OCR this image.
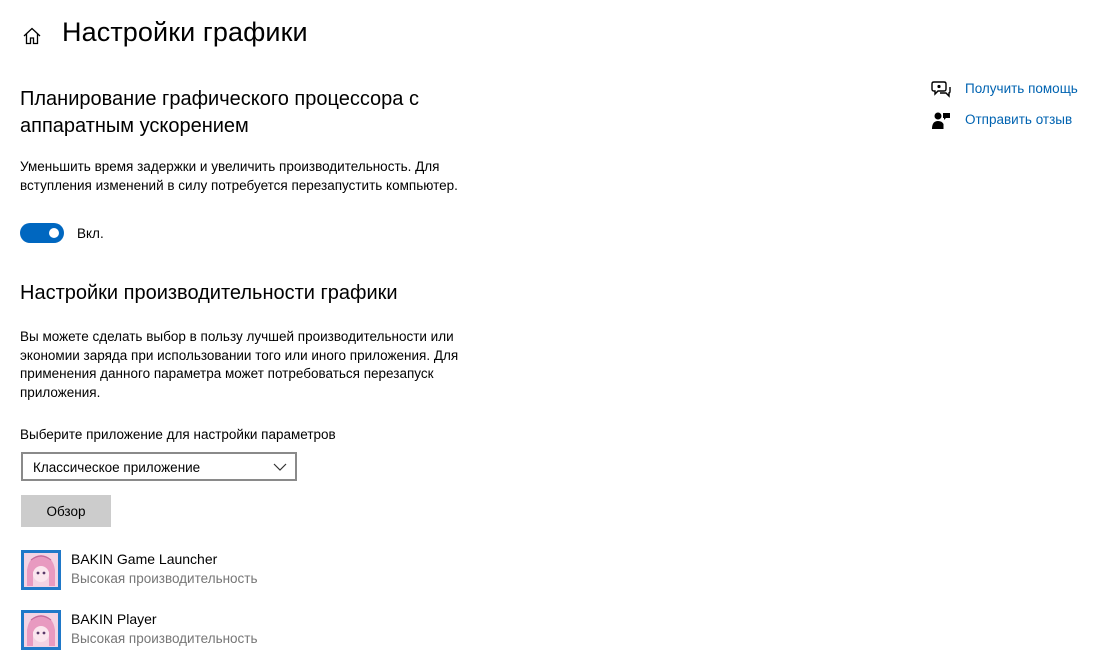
Настройки графики
Планирование графического процессора с аппаратным ускорением
Уменьшить время задержки и увеличить производительность. Для вступления изменений в силу потребуется перезапустить компьютер.
Вкл.
Настройки производительности графики
Вы можете сделать выбор в пользу лучшей производительности или экономии заряда при использовании того или иного приложения. Для применения данного параметра может потребоваться перезапуск приложения.
Выберите приложение для настройки параметров
Классическое приложение
Обзор
BAKIN Game Launcher
Высокая производительность
BAKIN Player
Высокая производительность
Получить помощь
Отправить отзыв
